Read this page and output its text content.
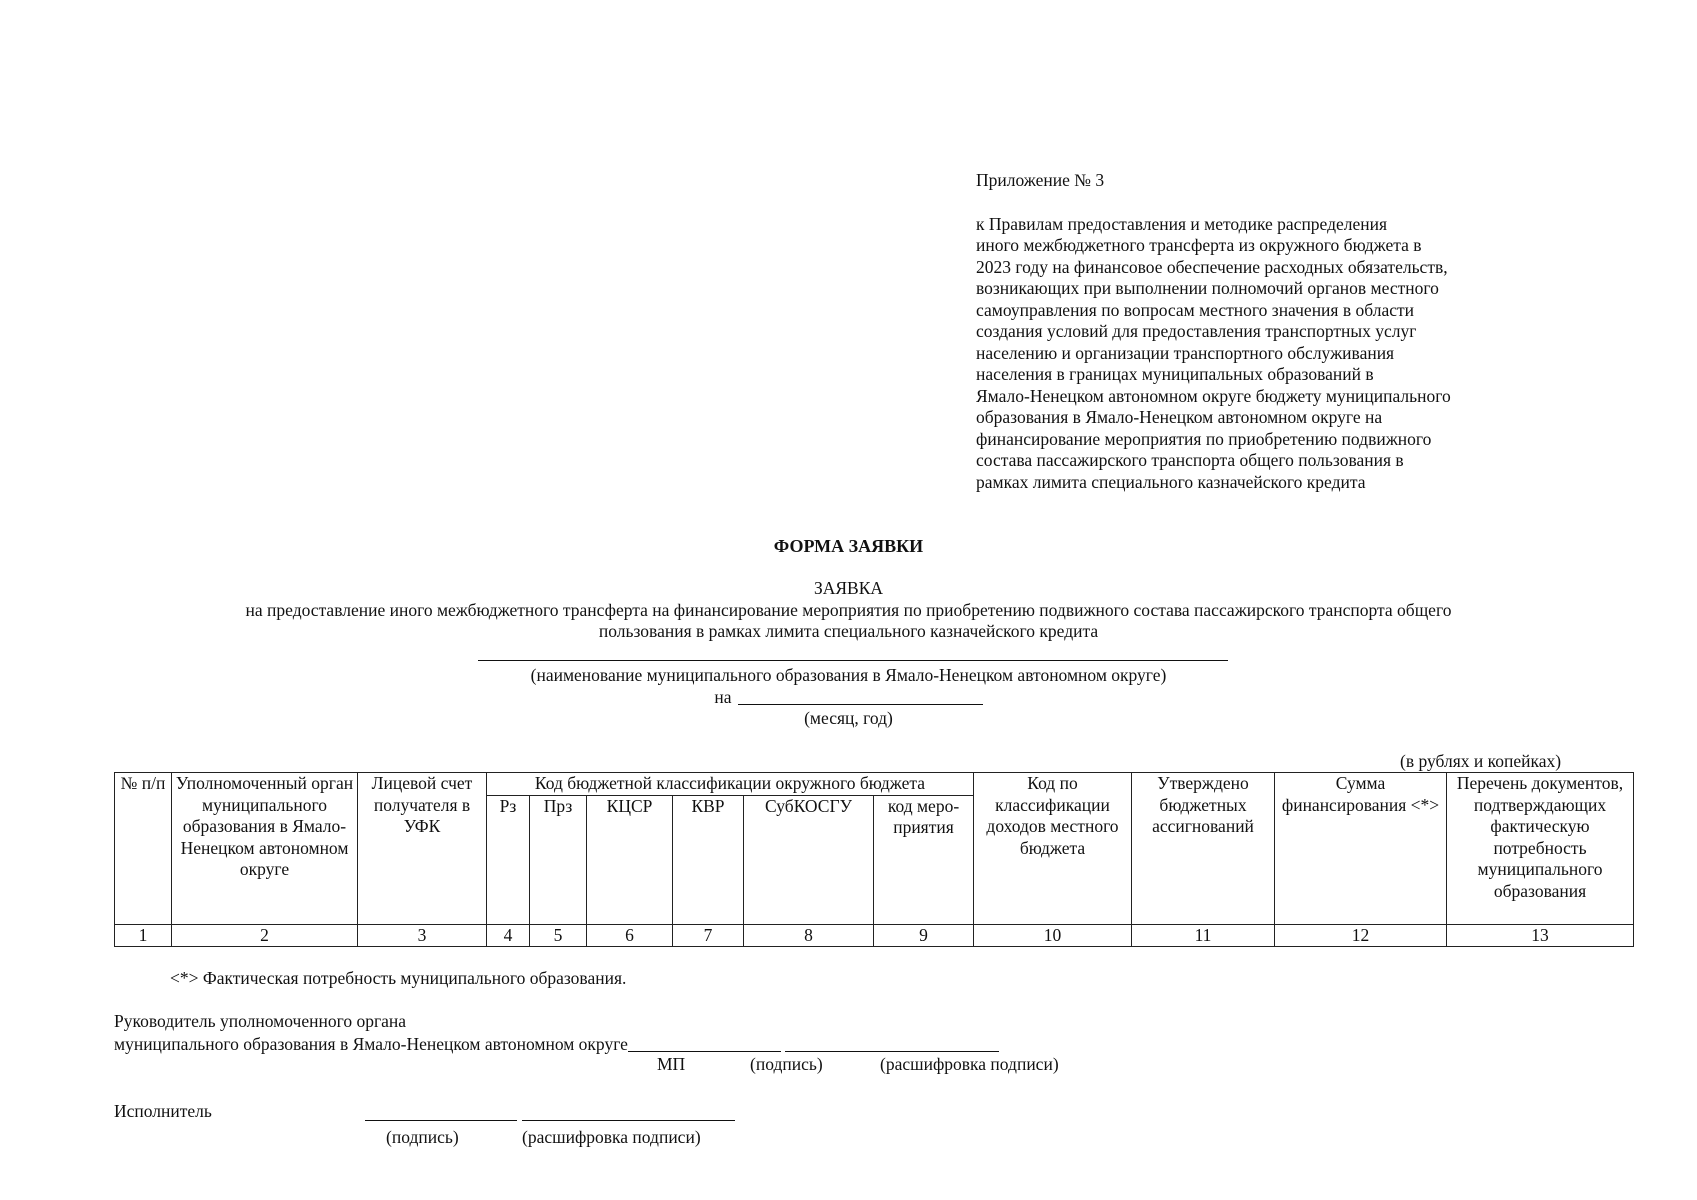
Приложение № 3
к Правилам предоставления и методике распределения
иного межбюджетного трансферта из окружного бюджета в
2023 году на финансовое обеспечение расходных обязательств,
возникающих при выполнении полномочий органов местного
самоуправления по вопросам местного значения в области
создания условий для предоставления транспортных услуг
населению и организации транспортного обслуживания
населения в границах муниципальных образований в
Ямало-Ненецком автономном округе бюджету муниципального
образования в Ямало-Ненецком автономном округе на
финансирование мероприятия по приобретению подвижного
состава пассажирского транспорта общего пользования в
рамках лимита специального казначейского кредита
ФОРМА ЗАЯВКИ
ЗАЯВКА
на предоставление иного межбюджетного трансферта на финансирование мероприятия по приобретению подвижного состава пассажирского транспорта общего
пользования в рамках лимита специального казначейского кредита
(наименование муниципального образования в Ямало-Ненецком автономном округе)
на
(месяц, год)
(в рублях и копейках)
№ п/п	Уполномоченный орган муниципального образования в Ямало-Ненецком автономном округе	Лицевой счет получателя в УФК	Код бюджетной классификации окружного бюджета						Код по классификации доходов местного бюджета	Утверждено бюджетных ассигнований	Сумма финансирования <*>	Перечень документов, подтверждающих фактическую потребность муниципального образования
			Рз	Прз	КЦСР	КВР	СубКОСГУ	код меро-приятия				
1	2	3	4	5	6	7	8	9	10	11	12	13
<*> Фактическая потребность муниципального образования.
Руководитель уполномоченного органа
муниципального образования в Ямало-Ненецком автономном округе
МП	(подпись)	(расшифровка подписи)
Исполнитель
(подпись)	(расшифровка подписи)
